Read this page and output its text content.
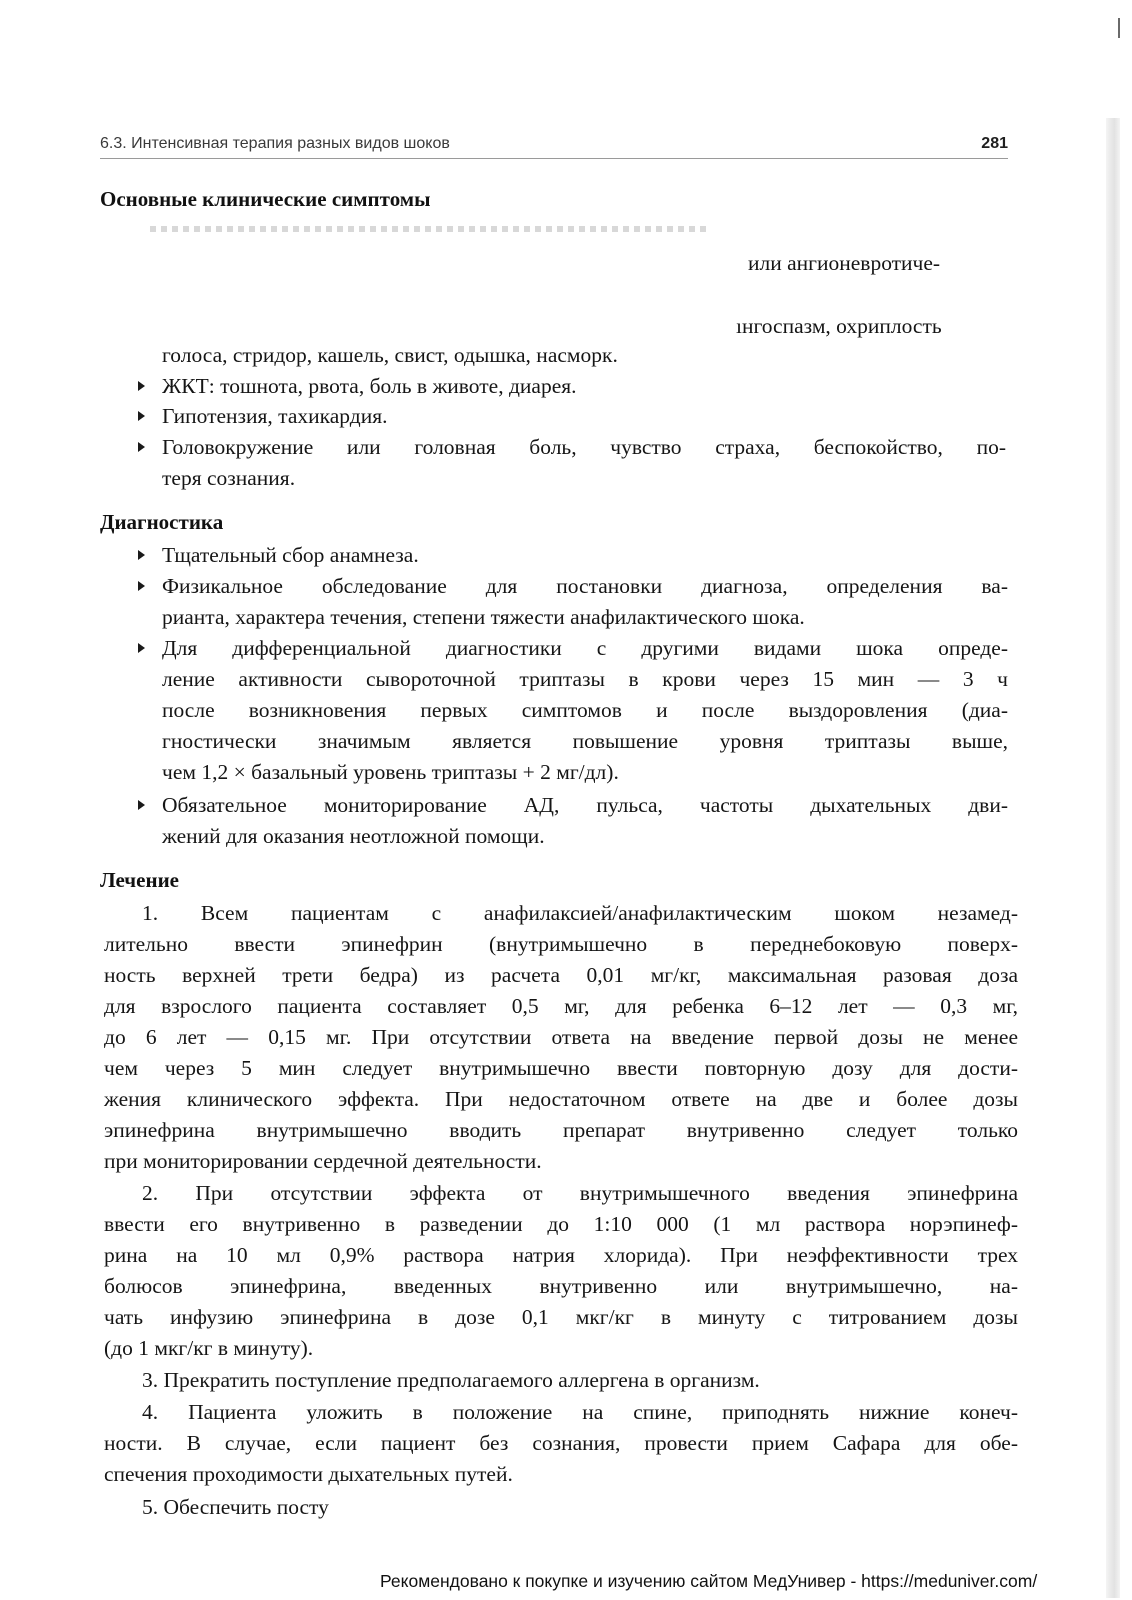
6.3. Интенсивная терапия разных видов шоков	281
Основные клинические симптомы
или ангионевротиче-
ıнгоспазм, охриплость
голоса, стридор, кашель, свист, одышка, насморк.
ЖКТ: тошнота, рвота, боль в животе, диарея.
Гипотензия, тахикардия.
Головокружение или головная боль, чувство страха, беспокойство, по-
теря сознания.
Диагностика
Тщательный сбор анамнеза.
Физикальное обследование для постановки диагноза, определения ва-
рианта, характера течения, степени тяжести анафилактического шока.
Для дифференциальной диагностики с другими видами шока опреде-
ление активности сывороточной триптазы в крови через 15 мин — 3 ч
после возникновения первых симптомов и после выздоровления (диа-
гностически значимым является повышение уровня триптазы выше,
чем 1,2 × базальный уровень триптазы + 2 мг/дл).
Обязательное мониторирование АД, пульса, частоты дыхательных дви-
жений для оказания неотложной помощи.
Лечение
1. Всем пациентам с анафилаксией/анафилактическим шоком незамед-
лительно ввести эпинефрин (внутримышечно в переднебоковую поверх-
ность верхней трети бедра) из расчета 0,01 мг/кг, максимальная разовая доза
для взрослого пациента составляет 0,5 мг, для ребенка 6–12 лет — 0,3 мг,
до 6 лет — 0,15 мг. При отсутствии ответа на введение первой дозы не менее
чем через 5 мин следует внутримышечно ввести повторную дозу для дости-
жения клинического эффекта. При недостаточном ответе на две и более дозы
эпинефрина внутримышечно вводить препарат внутривенно следует только
при мониторировании сердечной деятельности.
2. При отсутствии эффекта от внутримышечного введения эпинефрина
ввести его внутривенно в разведении до 1:10 000 (1 мл раствора норэпинеф-
рина на 10 мл 0,9% раствора натрия хлорида). При неэффективности трех
болюсов эпинефрина, введенных внутривенно или внутримышечно, на-
чать инфузию эпинефрина в дозе 0,1 мкг/кг в минуту с титрованием дозы
(до 1 мкг/кг в минуту).
3. Прекратить поступление предполагаемого аллергена в организм.
4. Пациента уложить в положение на спине, приподнять нижние конеч-
ности. В случае, если пациент без сознания, провести прием Сафара для обе-
спечения проходимости дыхательных путей.
5. Обеспечить посту
Рекомендовано к покупке и изучению сайтом МедУнивер - https://meduniver.com/
